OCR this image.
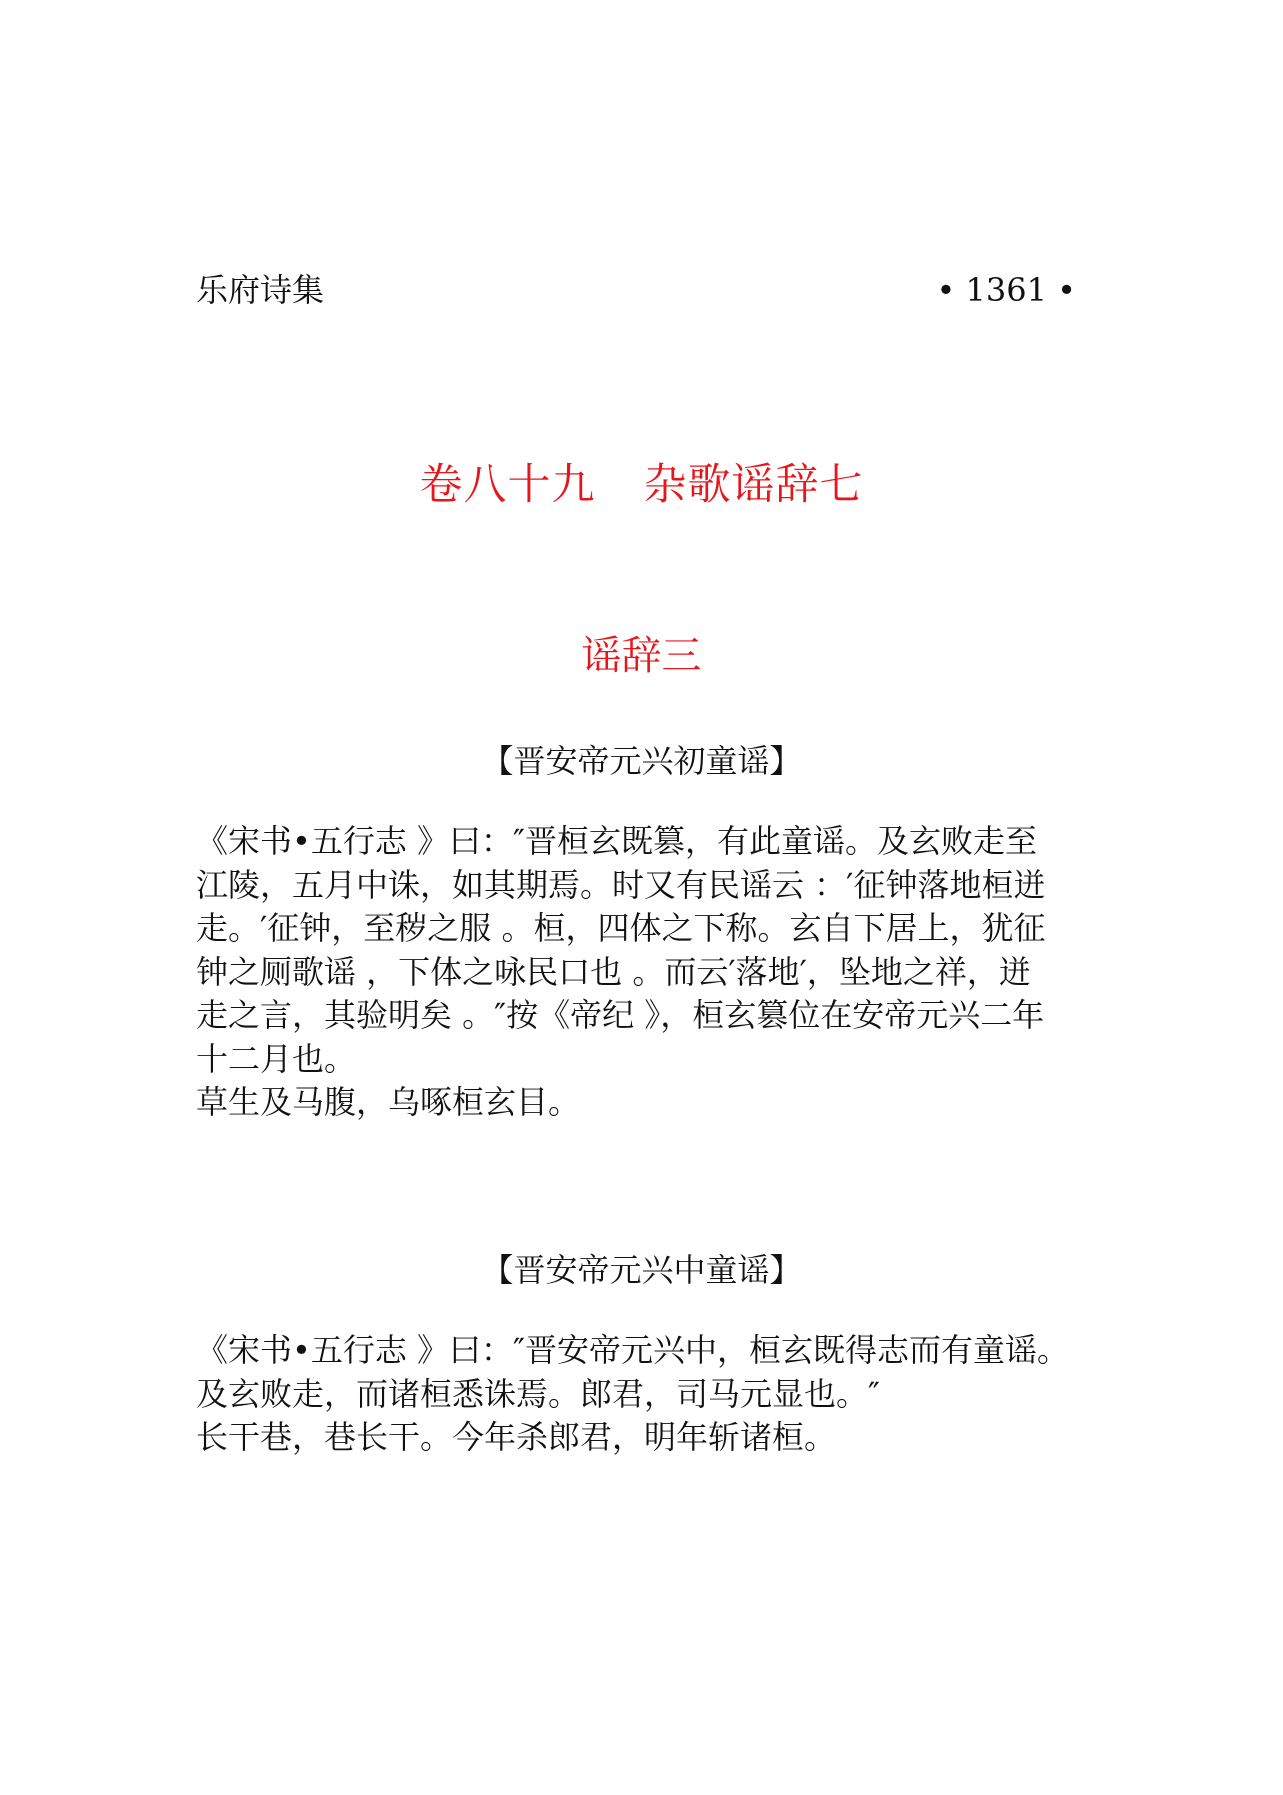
乐府诗集	• 1361 •
卷八十九 杂歌谣辞七
谣辞三
【晋安帝元兴初童谣】

《宋书•五行志 》曰：″晋桓玄既篡，有此童谣。及玄败走至

江陵，五月中诛，如其期焉。时又有民谣云 ：′征钟落地桓迸

走。′征钟，至秽之服 。桓，四体之下称。玄自下居上，犹征

钟之厕歌谣 ，下体之咏民口也 。而云′落地′，坠地之祥，迸

走之言，其验明矣 。″按《帝纪 》，桓玄篡位在安帝元兴二年

十二月也。

草生及马腹，乌啄桓玄目。

【晋安帝元兴中童谣】

《宋书•五行志 》曰：″晋安帝元兴中，桓玄既得志而有童谣。

及玄败走，而诸桓悉诛焉。郎君，司马元显也。″

长干巷，巷长干。今年杀郎君，明年斩诸桓。
